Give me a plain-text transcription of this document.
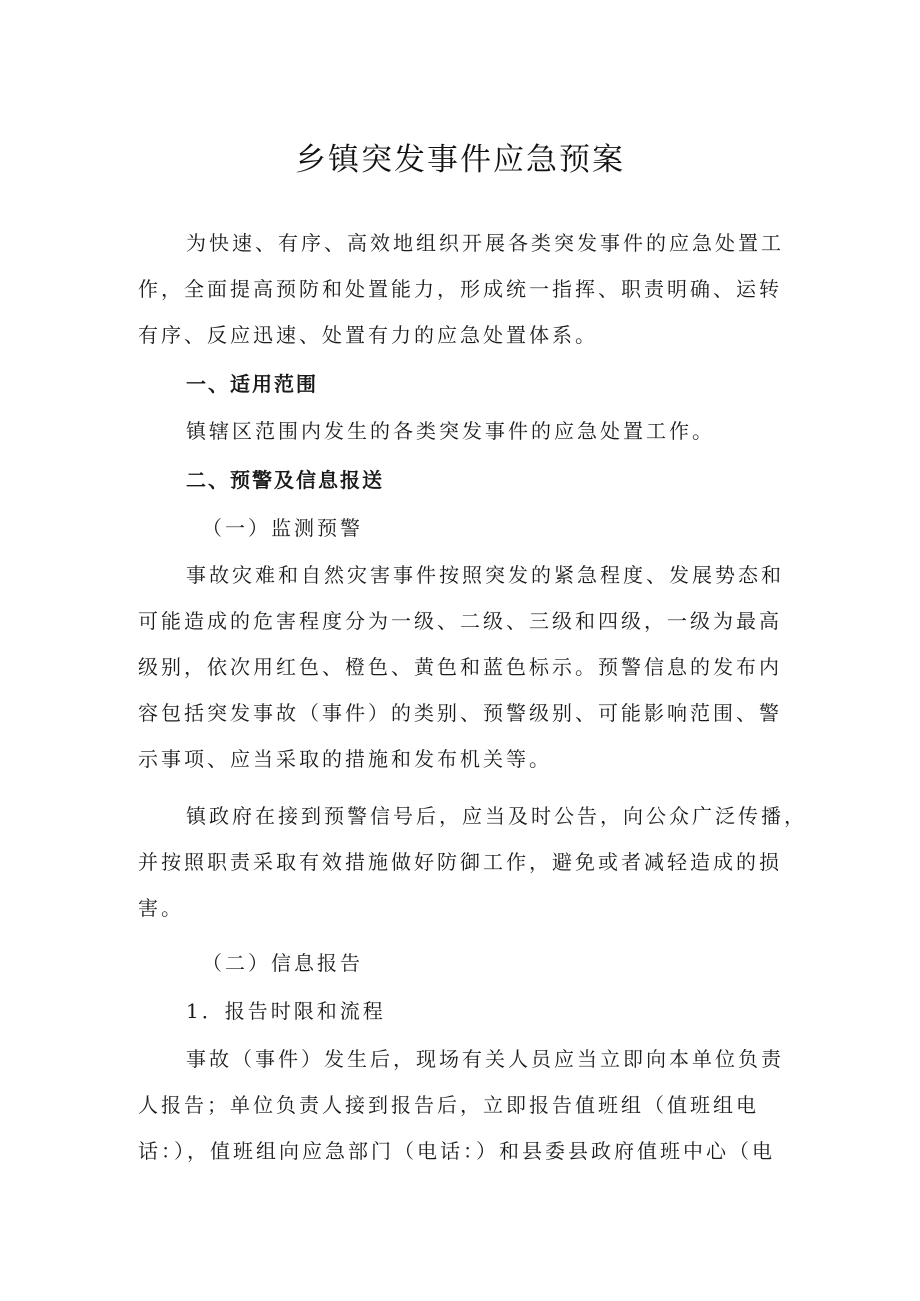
乡镇突发事件应急预案
为快速、有序、高效地组织开展各类突发事件的应急处置工
作，全面提高预防和处置能力，形成统一指挥、职责明确、运转
有序、反应迅速、处置有力的应急处置体系。
一、适用范围
镇辖区范围内发生的各类突发事件的应急处置工作。
二、预警及信息报送
（一）监测预警
事故灾难和自然灾害事件按照突发的紧急程度、发展势态和
可能造成的危害程度分为一级、二级、三级和四级，一级为最高
级别，依次用红色、橙色、黄色和蓝色标示。预警信息的发布内
容包括突发事故（事件）的类别、预警级别、可能影响范围、警
示事项、应当采取的措施和发布机关等。
镇政府在接到预警信号后，应当及时公告，向公众广泛传播，
并按照职责采取有效措施做好防御工作，避免或者减轻造成的损
害。
（二）信息报告
1．报告时限和流程
事故（事件）发生后，现场有关人员应当立即向本单位负责
人报告；单位负责人接到报告后，立即报告值班组（值班组电
话：），值班组向应急部门（电话：）和县委县政府值班中心（电
